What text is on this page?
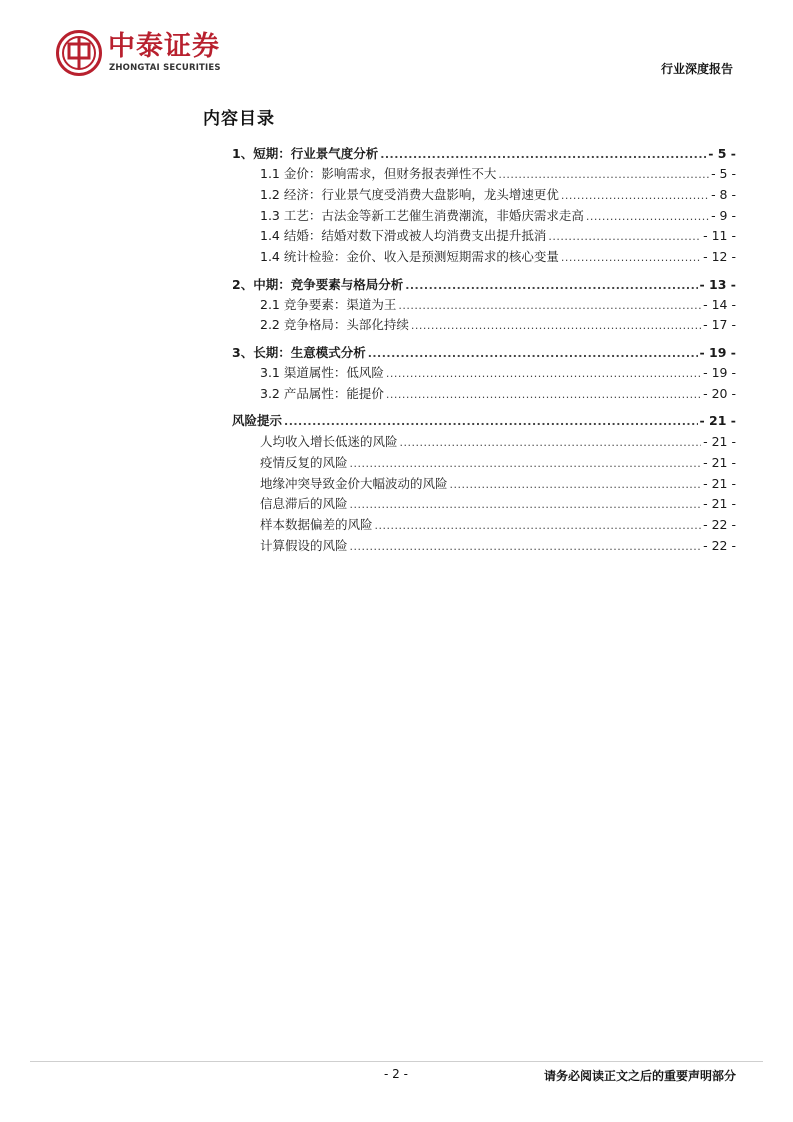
中泰证券
ZHONGTAI SECURITIES	行业深度报告
内容目录
1、短期：行业景气度分析 .....	- 5 -
1.1 金价：影响需求，但财务报表弹性不大 .....	- 5 -
1.2 经济：行业景气度受消费大盘影响，龙头增速更优 .....	- 8 -
1.3 工艺：古法金等新工艺催生消费潮流，非婚庆需求走高 .....	- 9 -
1.4 结婚：结婚对数下滑或被人均消费支出提升抵消 .....	- 11 -
1.4 统计检验：金价、收入是预测短期需求的核心变量 .....	- 12 -
2、中期：竞争要素与格局分析 .....	- 13 -
2.1 竞争要素：渠道为王 .....	- 14 -
2.2 竞争格局：头部化持续 .....	- 17 -
3、长期：生意模式分析 .....	- 19 -
3.1 渠道属性：低风险 .....	- 19 -
3.2 产品属性：能提价 .....	- 20 -
风险提示 .....	- 21 -
人均收入增长低迷的风险 .....	- 21 -
疫情反复的风险 .....	- 21 -
地缘冲突导致金价大幅波动的风险 .....	- 21 -
信息滞后的风险 .....	- 21 -
样本数据偏差的风险 .....	- 22 -
计算假设的风险 .....	- 22 -
- 2 -	请务必阅读正文之后的重要声明部分
